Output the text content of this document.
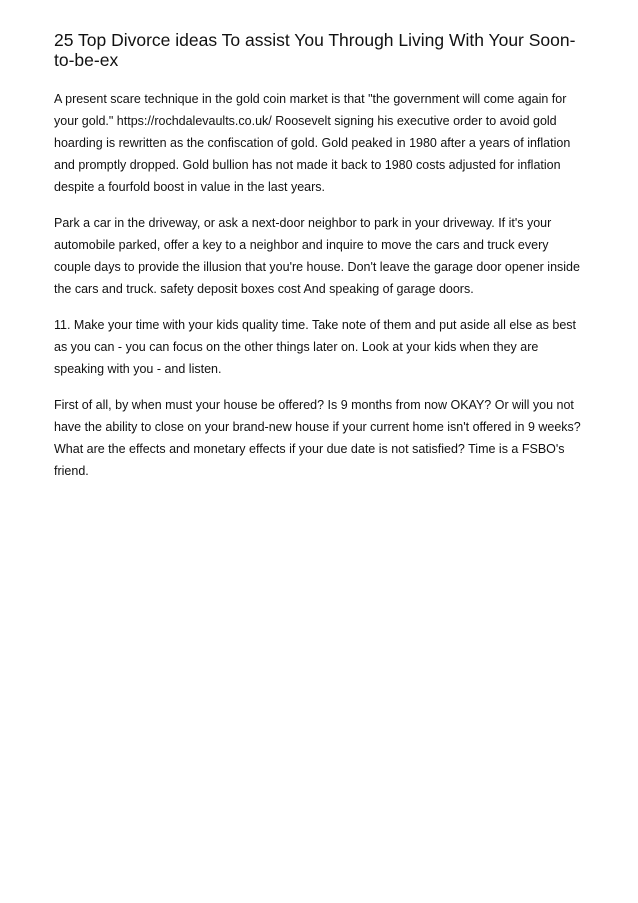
25 Top Divorce ideas To assist You Through Living With Your Soon-to-be-ex

A present scare technique in the gold coin market is that "the government will come again for your gold." https://rochdalevaults.co.uk/ Roosevelt signing his executive order to avoid gold hoarding is rewritten as the confiscation of gold. Gold peaked in 1980 after a years of inflation and promptly dropped. Gold bullion has not made it back to 1980 costs adjusted for inflation despite a fourfold boost in value in the last years.

Park a car in the driveway, or ask a next-door neighbor to park in your driveway. If it's your automobile parked, offer a key to a neighbor and inquire to move the cars and truck every couple days to provide the illusion that you're house. Don't leave the garage door opener inside the cars and truck. safety deposit boxes cost And speaking of garage doors.

11. Make your time with your kids quality time. Take note of them and put aside all else as best as you can - you can focus on the other things later on. Look at your kids when they are speaking with you - and listen.

First of all, by when must your house be offered? Is 9 months from now OKAY? Or will you not have the ability to close on your brand-new house if your current home isn't offered in 9 weeks? What are the effects and monetary effects if your due date is not satisfied? Time is a FSBO's friend.
